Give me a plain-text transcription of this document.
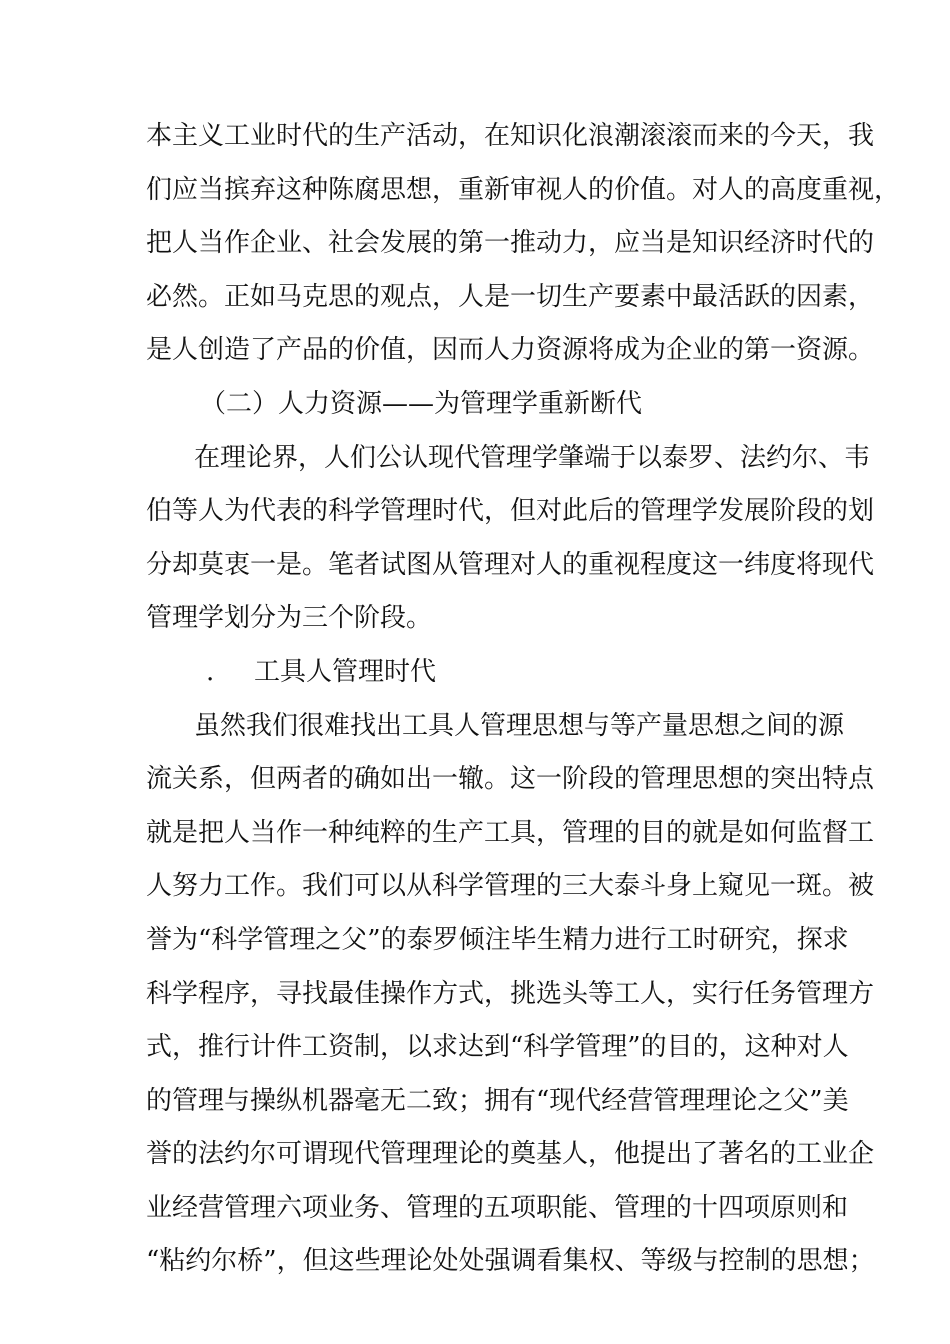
本主义工业时代的生产活动，在知识化浪潮滚滚而来的今天，我
们应当摈弃这种陈腐思想，重新审视人的价值。对人的高度重视，
把人当作企业、社会发展的第一推动力，应当是知识经济时代的
必然。正如马克思的观点，人是一切生产要素中最活跃的因素，
是人创造了产品的价值，因而人力资源将成为企业的第一资源。
（二）人力资源——为管理学重新断代
在理论界，人们公认现代管理学肇端于以泰罗、法约尔、韦
伯等人为代表的科学管理时代，但对此后的管理学发展阶段的划
分却莫衷一是。笔者试图从管理对人的重视程度这一纬度将现代
管理学划分为三个阶段。
. 工具人管理时代
虽然我们很难找出工具人管理思想与等产量思想之间的源
流关系，但两者的确如出一辙。这一阶段的管理思想的突出特点
就是把人当作一种纯粹的生产工具，管理的目的就是如何监督工
人努力工作。我们可以从科学管理的三大泰斗身上窥见一斑。被
誉为“科学管理之父”的泰罗倾注毕生精力进行工时研究，探求
科学程序，寻找最佳操作方式，挑选头等工人，实行任务管理方
式，推行计件工资制，以求达到“科学管理”的目的，这种对人
的管理与操纵机器毫无二致；拥有“现代经营管理理论之父”美
誉的法约尔可谓现代管理理论的奠基人，他提出了著名的工业企
业经营管理六项业务、管理的五项职能、管理的十四项原则和
“粘约尔桥”，但这些理论处处强调看集权、等级与控制的思想；
